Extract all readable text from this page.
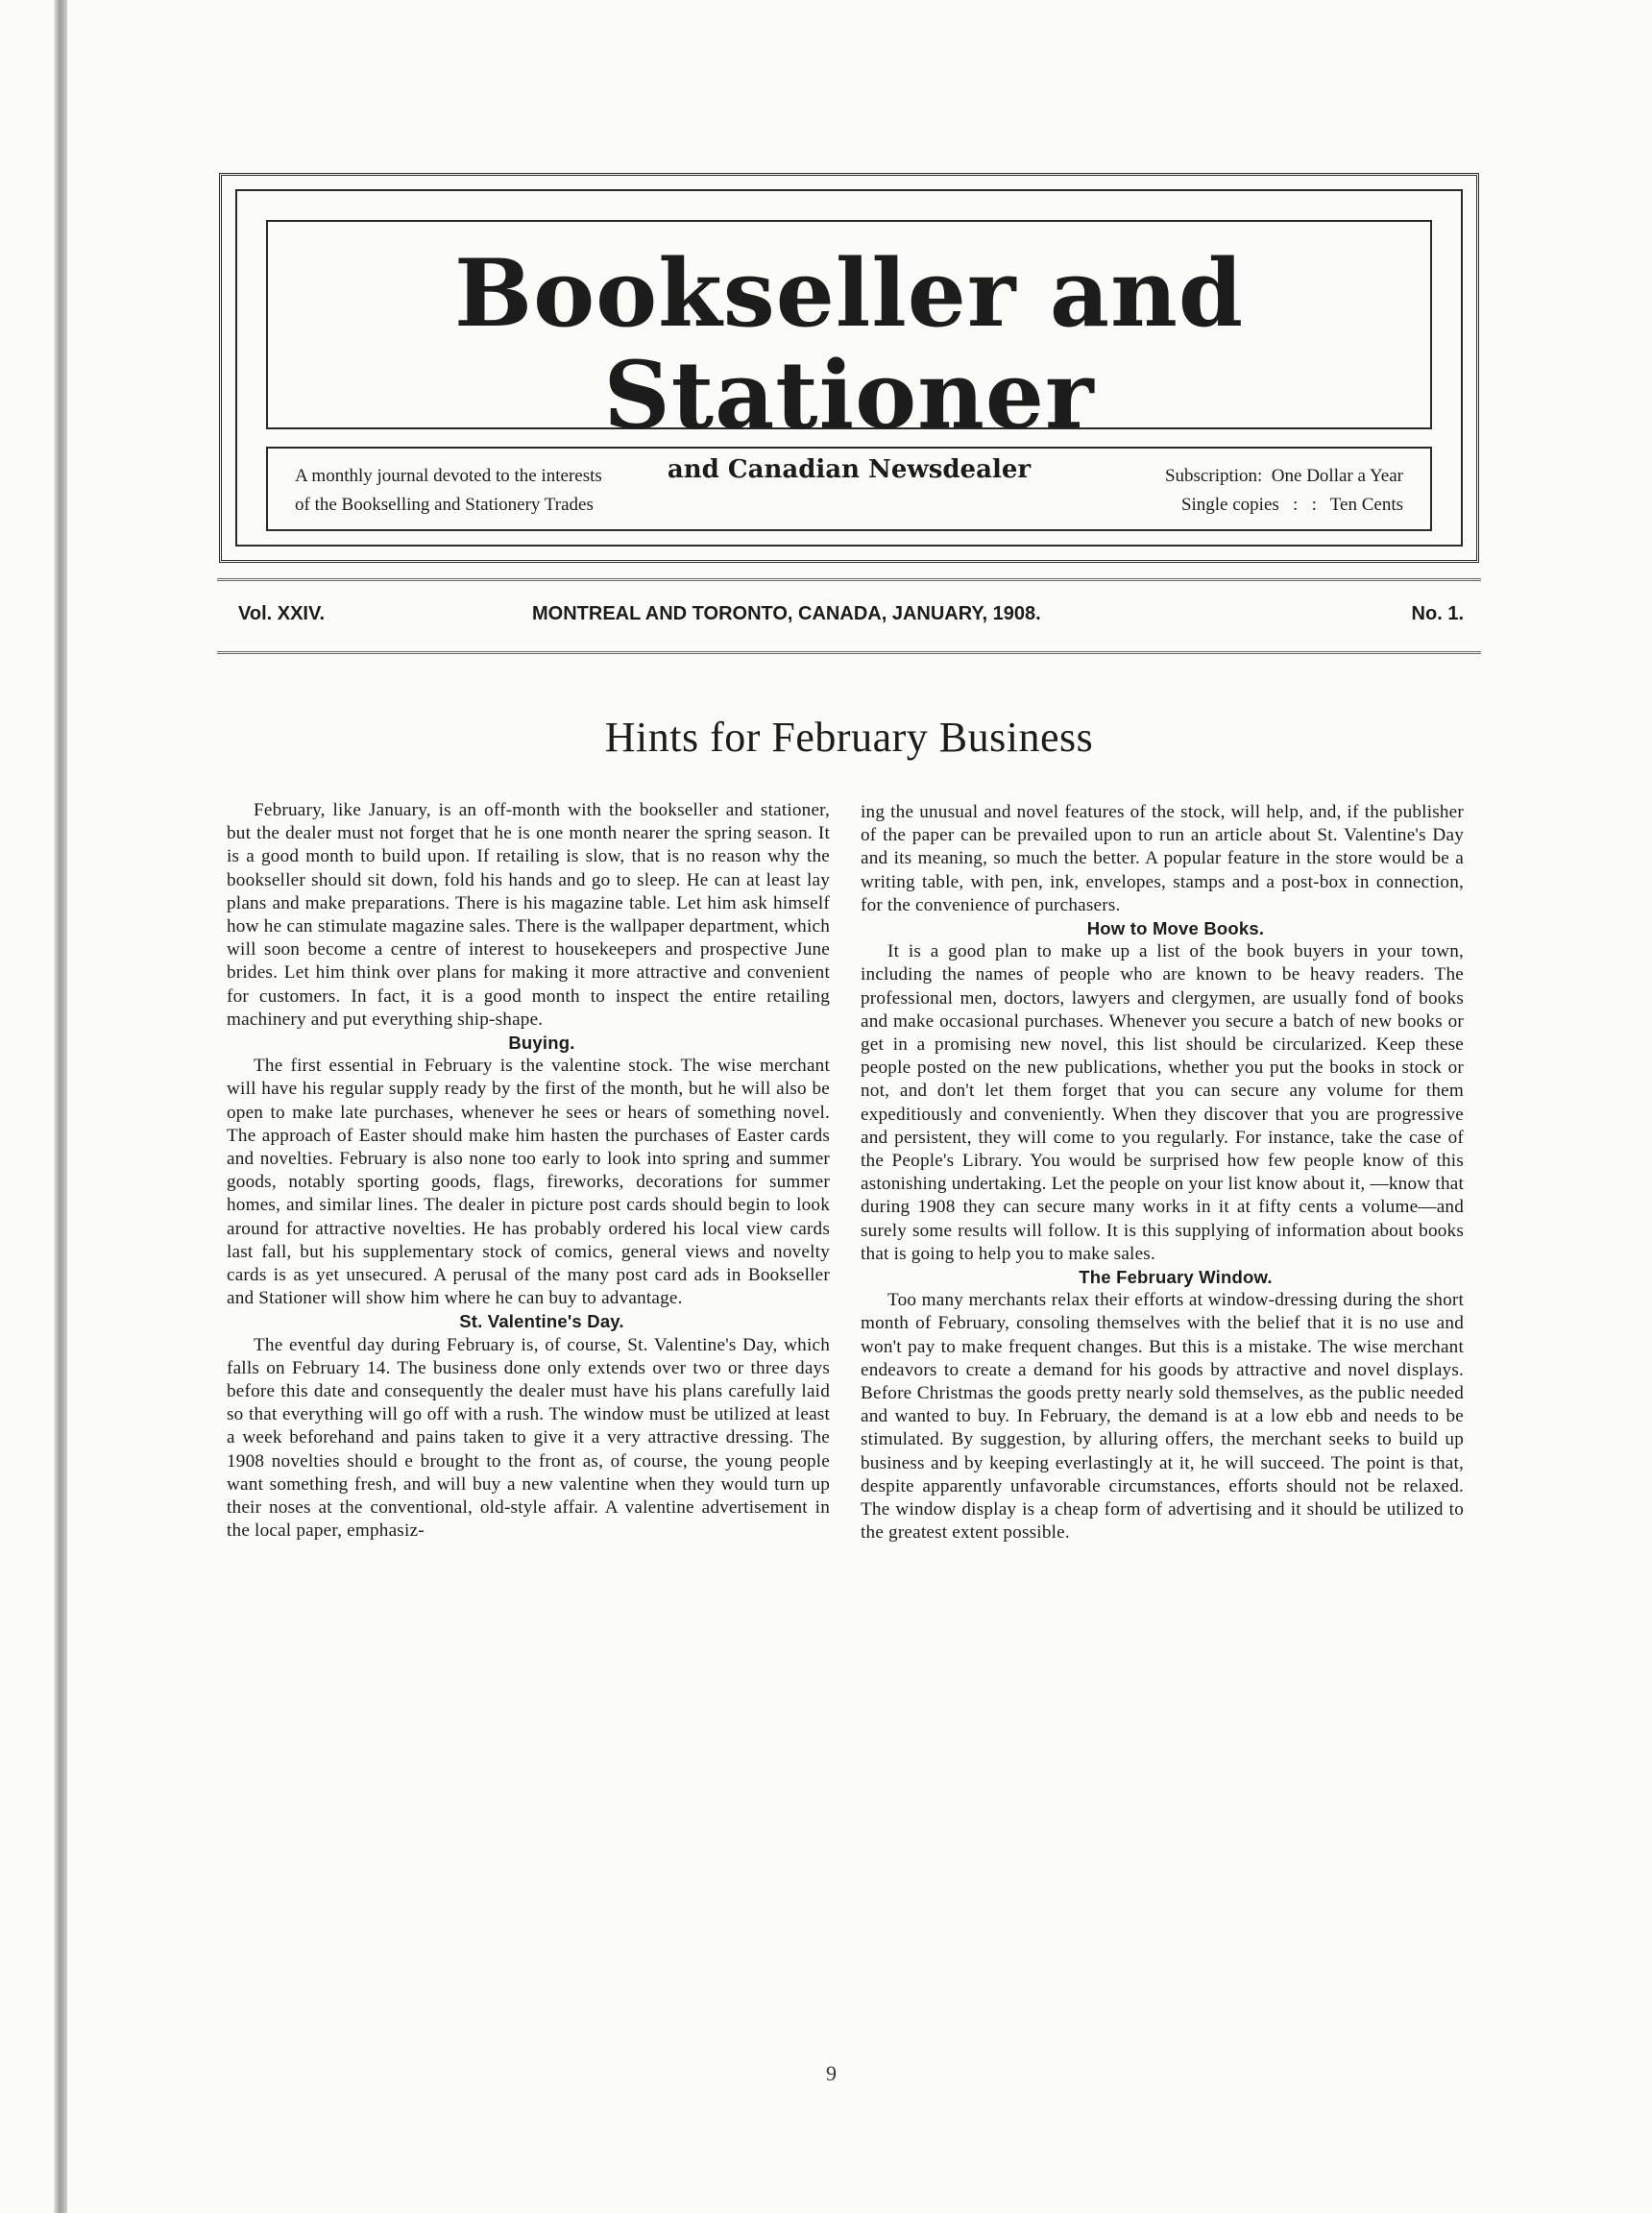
Bookseller and Stationer
and Canadian Newsdealer
A monthly journal devoted to the interests
of the Bookselling and Stationery Trades
Subscription:  One Dollar a Year
Single copies   :   :   Ten Cents
Vol. XXIV.	MONTREAL AND TORONTO, CANADA, JANUARY, 1908.	No. 1.
Hints for February Business

February, like January, is an off-month with the bookseller and stationer, but the dealer must not forget that he is one month nearer the spring season. It is a good month to build upon. If retailing is slow, that is no reason why the bookseller should sit down, fold his hands and go to sleep. He can at least lay plans and make preparations. There is his magazine table. Let him ask himself how he can stimulate magazine sales. There is the wallpaper department, which will soon become a centre of interest to housekeepers and prospective June brides. Let him think over plans for making it more attractive and convenient for customers. In fact, it is a good month to inspect the entire retailing machinery and put everything ship-shape.

Buying.

The first essential in February is the valentine stock. The wise merchant will have his regular supply ready by the first of the month, but he will also be open to make late purchases, whenever he sees or hears of something novel. The approach of Easter should make him hasten the purchases of Easter cards and novelties. February is also none too early to look into spring and summer goods, notably sporting goods, flags, fireworks, decorations for summer homes, and similar lines. The dealer in picture post cards should begin to look around for attractive novelties. He has probably ordered his local view cards last fall, but his supplementary stock of comics, general views and novelty cards is as yet unsecured. A perusal of the many post card ads in Bookseller and Stationer will show him where he can buy to advantage.

St. Valentine's Day.

The eventful day during February is, of course, St. Valentine's Day, which falls on February 14. The business done only extends over two or three days before this date and consequently the dealer must have his plans carefully laid so that everything will go off with a rush. The window must be utilized at least a week beforehand and pains taken to give it a very attractive dressing. The 1908 novelties should e brought to the front as, of course, the young people want something fresh, and will buy a new valentine when they would turn up their noses at the conventional, old-style affair. A valentine advertisement in the local paper, emphasiz-

ing the unusual and novel features of the stock, will help, and, if the publisher of the paper can be prevailed upon to run an article about St. Valentine's Day and its meaning, so much the better. A popular feature in the store would be a writing table, with pen, ink, envelopes, stamps and a post-box in connection, for the convenience of purchasers.

How to Move Books.

It is a good plan to make up a list of the book buyers in your town, including the names of people who are known to be heavy readers. The professional men, doctors, lawyers and clergymen, are usually fond of books and make occasional purchases. Whenever you secure a batch of new books or get in a promising new novel, this list should be circularized. Keep these people posted on the new publications, whether you put the books in stock or not, and don't let them forget that you can secure any volume for them expeditiously and conveniently. When they discover that you are progressive and persistent, they will come to you regularly. For instance, take the case of the People's Library. You would be surprised how few people know of this astonishing undertaking. Let the people on your list know about it, —know that during 1908 they can secure many works in it at fifty cents a volume—and surely some results will follow. It is this supplying of information about books that is going to help you to make sales.

The February Window.

Too many merchants relax their efforts at window-dressing during the short month of February, consoling themselves with the belief that it is no use and won't pay to make frequent changes. But this is a mistake. The wise merchant endeavors to create a demand for his goods by attractive and novel displays. Before Christmas the goods pretty nearly sold themselves, as the public needed and wanted to buy. In February, the demand is at a low ebb and needs to be stimulated. By suggestion, by alluring offers, the merchant seeks to build up business and by keeping everlastingly at it, he will succeed. The point is that, despite apparently unfavorable circumstances, efforts should not be relaxed. The window display is a cheap form of advertising and it should be utilized to the greatest extent possible.

9
